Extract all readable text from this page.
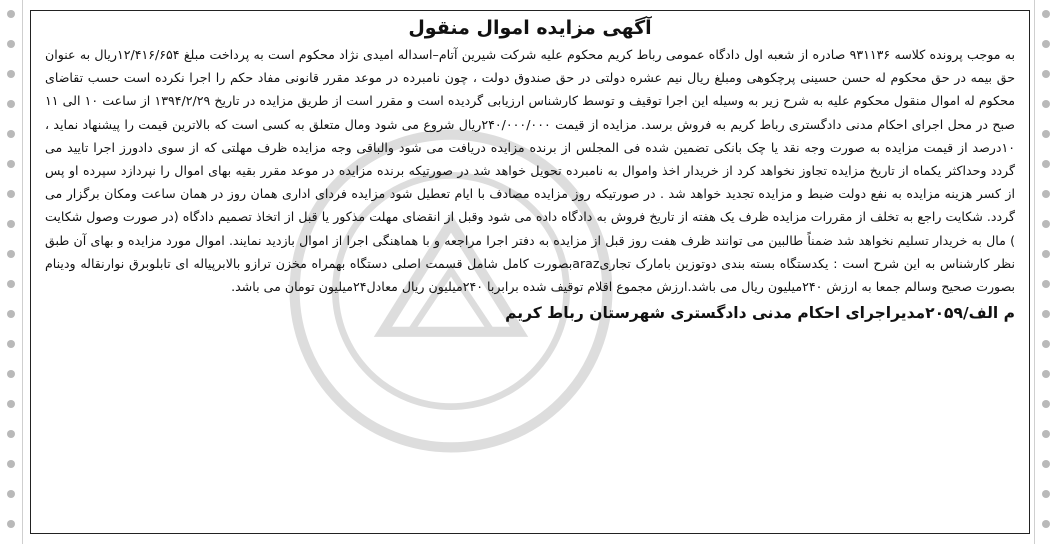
آگهی مزایده اموال منقول
به موجب پرونده کلاسه ۹۳۱۱۳۶ صادره از شعبه اول دادگاه عمومی رباط کریم محکوم علیه شرکت شیرین آتام–اسداله امیدی نژاد محکوم است به پرداخت مبلغ ۱۲/۴۱۶/۶۵۴ریال به عنوان حق بیمه در حق محکوم له حسن حسینی پرچکوهی ومبلغ ریال نیم عشره دولتی در حق صندوق دولت ، چون نامبرده در موعد مقرر قانونی مفاد حکم را اجرا نکرده است حسب تقاضای محکوم له اموال منقول محکوم علیه به شرح زیر به وسیله این اجرا توقیف و توسط کارشناس ارزیابی گردیده است و مقرر است از طریق مزایده در تاریخ ۱۳۹۴/۲/۲۹ از ساعت ۱۰ الی ۱۱ صبح در محل اجرای احکام مدنی دادگستری رباط کریم به فروش برسد. مزایده از قیمت ۲۴۰/۰۰۰/۰۰۰ریال شروع می شود ومال متعلق به کسی است که بالاترین قیمت را پیشنهاد نماید ، ۱۰درصد از قیمت مزایده به صورت وجه نقد یا چک بانکی تضمین شده فی المجلس از برنده مزایده دریافت می شود والباقی وجه مزایده ظرف مهلتی که از سوی دادورز اجرا تایید می گردد وحداکثر یکماه از تاریخ مزایده تجاوز نخواهد کرد از خریدار اخذ واموال به نامبرده تحویل خواهد شد در صورتیکه برنده مزایده در موعد مقرر بقیه بهای اموال را نپردازد سپرده او پس از کسر هزینه مزایده به نفع دولت ضبط و مزایده تجدید خواهد شد . در صورتیکه روز مزایده مصادف با ایام تعطیل شود مزایده فردای اداری همان روز در همان ساعت ومکان برگزار می گردد. شکایت راجع به تخلف از مقررات مزایده ظرف یک هفته از تاریخ فروش به دادگاه داده می شود وقبل از انقضای مهلت مذکور یا قبل از اتخاذ تصمیم دادگاه (در صورت وصول شکایت ) مال به خریدار تسلیم نخواهد شد ضمناً طالبین می توانند ظرف هفت روز قبل از مزایده به دفتر اجرا مراجعه و با هماهنگی اجرا از اموال بازدید نمایند. اموال مورد مزایده و بهای آن طبق نظر کارشناس به این شرح است : یکدستگاه بسته بندی دوتوزین بامارک تجاریarazبصورت کامل شامل قسمت اصلی دستگاه بهمراه مخزن ترازو بالابرپیاله ای تابلوبرق نوارنقاله ودینام بصورت صحیح وسالم جمعا به ارزش ۲۴۰میلیون ریال می باشد.ارزش مجموع اقلام توقیف شده برابربا ۲۴۰میلیون ریال معادل۲۴میلیون تومان می باشد.
م الف/۲۰۵۹مدیراجرای احکام مدنی دادگستری شهرستان رباط کریم
